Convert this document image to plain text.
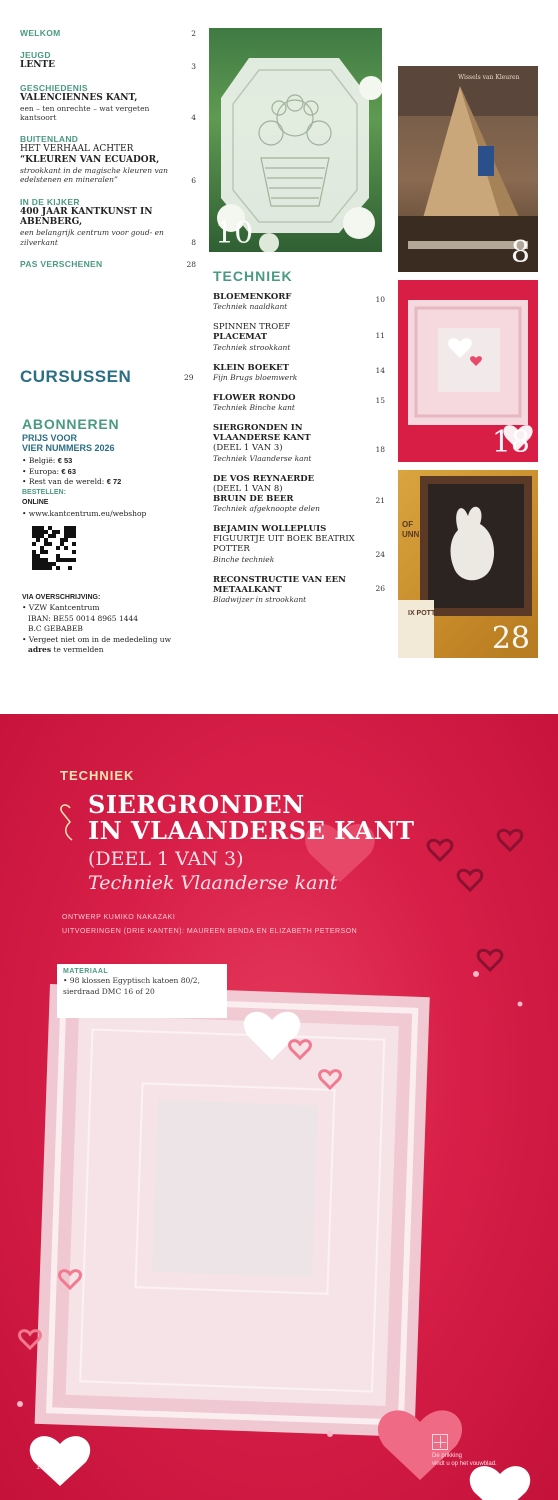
WELKOM	2
JEUGD
LENTE	3
GESCHIEDENIS
VALENCIENNES KANT,
een – ten onrechte – wat vergeten kantsoort	4
BUITENLAND
HET VERHAAL ACHTER
“KLEUREN VAN ECUADOR,
strookkant in de magische kleuren van edelstenen en mineralen”	6
IN DE KIJKER
400 JAAR KANTKUNST IN ABENBERG,
een belangrijk centrum voor goud- en zilverkant	8
PAS VERSCHENEN	28
CURSUSSEN	29
ABONNEREN
PRIJS VOOR
VIER NUMMERS 2026
• België: € 53
• Europa: € 63
• Rest van de wereld: € 72
BESTELLEN:
ONLINE
• www.kantcentrum.eu/webshop
VIA OVERSCHRIJVING:
• VZW Kantcentrum
IBAN: BE55 0014 8965 1444
B.C GEBABEB
• Vergeet niet om in de mededeling uw
adres te vermelden
10
Wissels van Kleuren
8
18
OF
UNNY
IX POTTER
28
TECHNIEK
BLOEMENKORF
Techniek naaldkant
10
SPINNEN TROEF
PLACEMAT
Techniek strookkant
11
KLEIN BOEKET
Fijn Brugs bloemwerk
14
FLOWER RONDO
Techniek Binche kant
15
SIERGRONDEN IN VLAANDERSE KANT
(DEEL 1 VAN 3)
Techniek Vlaanderse kant
18
DE VOS REYNAERDE
(DEEL 1 VAN 8)
BRUIN DE BEER
Techniek afgeknoopte delen
21
BEJAMIN WOLLEPLUIS
FIGUURTJE UIT BOEK BEATRIX POTTER
Binche techniek
24
RECONSTRUCTIE VAN EEN METAALKANT
Bladwijzer in strookkant
26
TECHNIEK
SIERGRONDEN
IN VLAANDERSE KANT
(DEEL 1 VAN 3)
Techniek Vlaanderse kant
ONTWERP KUMIKO NAKAZAKI
UITVOERINGEN (DRIE KANTEN): MAUREEN BENDA EN ELIZABETH PETERSON
MATERIAAL
• 98 klossen Egyptisch katoen 80/2, sierdraad DMC 16 of 20
18
De prikking
vindt u op het vouwblad.
